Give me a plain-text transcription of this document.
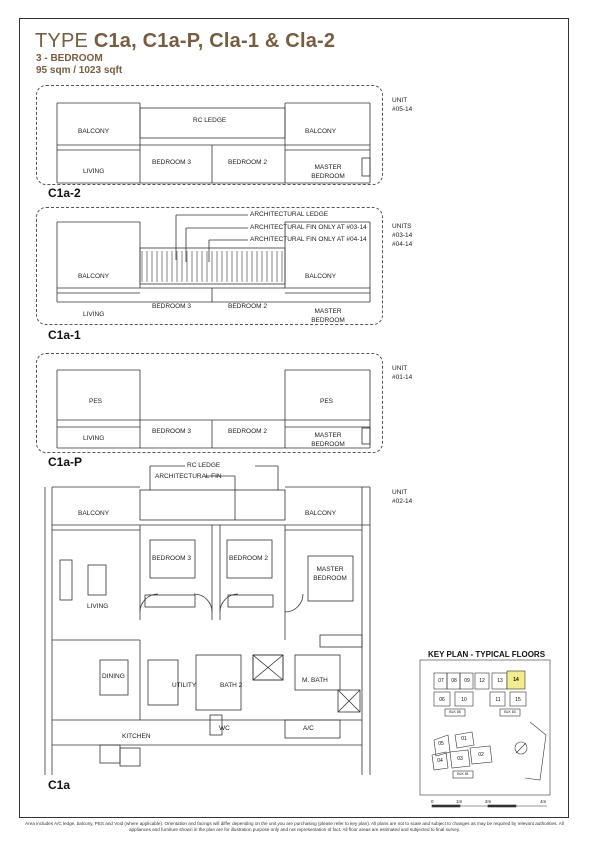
TYPE C1a, C1a-P, Cla-1 & Cla-2
3 - BEDROOM
95 sqm / 1023 sqft
BALCONY
RC LEDGE
BALCONY
LIVING
BEDROOM 3	BEDROOM 2
MASTER BEDROOM
UNIT
#05-14
C1a-2
ARCHITECTURAL LEDGE
ARCHITECTURAL FIN ONLY AT #03-14
ARCHITECTURAL FIN ONLY AT #04-14
BALCONY	BALCONY
LIVING
BEDROOM 3	BEDROOM 2
MASTER BEDROOM
UNITS
#03-14
#04-14
C1a-1
PES	PES
LIVING
BEDROOM 3	BEDROOM 2
MASTER BEDROOM
UNIT
#01-14
C1a-P	RC LEDGE
ARCHITECTURAL FIN
BALCONY	BALCONY
BEDROOM 3	BEDROOM 2
MASTER BEDROOM
LIVING
DINING
UTILITY	BATH 2
M. BATH
WC
KITCHEN
A/C
UNIT
#02-14
C1a
KEY PLAN - TYPICAL FLOORS
07	08	09	12	13	14
06	10	11	15
BLK 85	BLK 83
05
01
04	03
02
BLK 81
0	1m	2m	4m
Area includes A/C ledge, balcony, PES and Void (where applicable). Orientation and facings will differ depending on the unit you are purchasing (please refer to key plan). All plans are not to scale and subject to changes as may be required by relevant authorities. All appliances and furniture shown in the plan are for illustration purpose only and not representation of fact. All floor areas are estimated and subjected to final survey.
